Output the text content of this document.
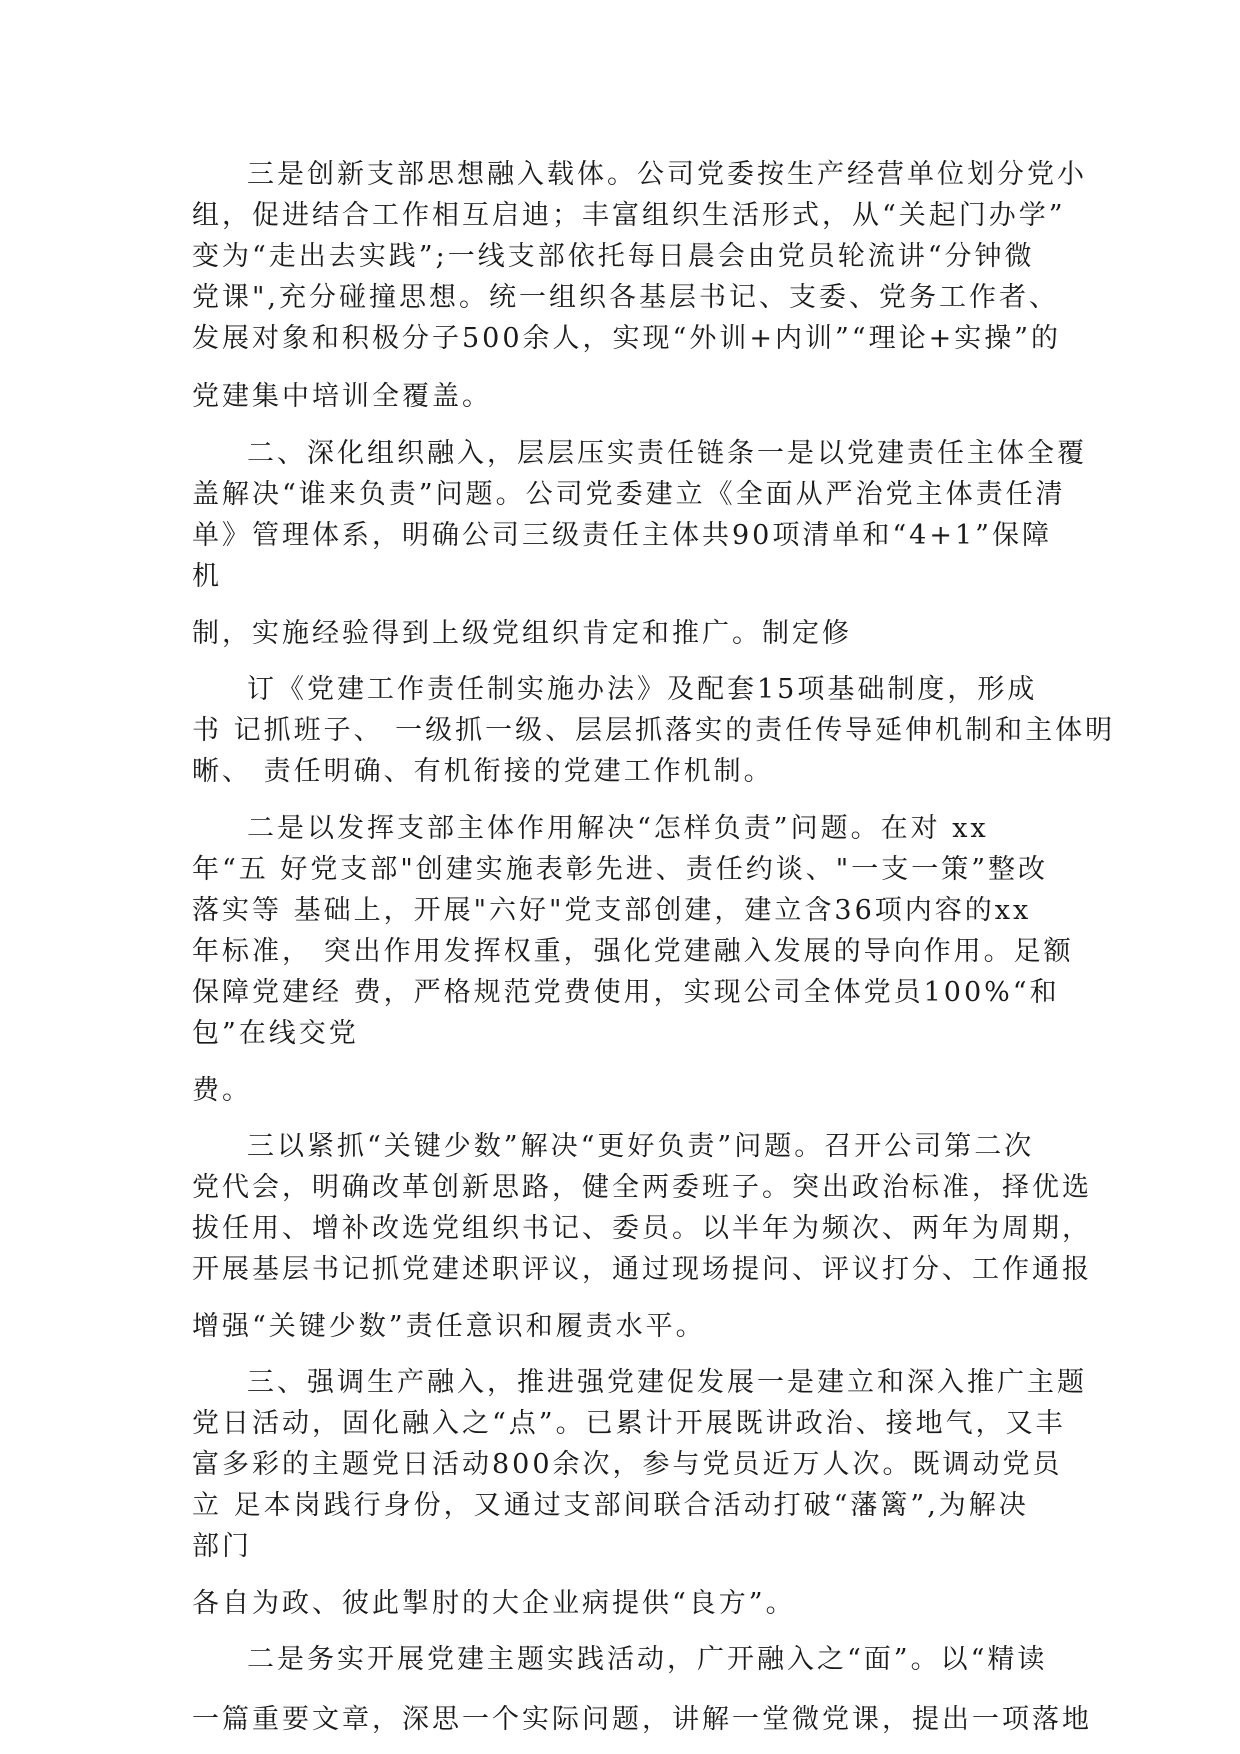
三是创新支部思想融入载体。公司党委按生产经营单位划分党小

组，促进结合工作相互启迪；丰富组织生活形式，从“关起门办学”

变为“走出去实践”;一线支部依托每日晨会由党员轮流讲“分钟微

党课",充分碰撞思想。统一组织各基层书记、支委、党务工作者、

发展对象和积极分子500余人，实现“外训+内训”“理论+实操”的

党建集中培训全覆盖。

二、深化组织融入，层层压实责任链条一是以党建责任主体全覆

盖解决“谁来负责”问题。公司党委建立《全面从严治党主体责任清

单》管理体系，明确公司三级责任主体共90项清单和“4+1”保障

机

制，实施经验得到上级党组织肯定和推广。制定修

订《党建工作责任制实施办法》及配套15项基础制度，形成

书 记抓班子、 一级抓一级、层层抓落实的责任传导延伸机制和主体明

晰、 责任明确、有机衔接的党建工作机制。

二是以发挥支部主体作用解决“怎样负责”问题。在对 xx

年“五 好党支部"创建实施表彰先进、责任约谈、"一支一策”整改

落实等 基础上，开展"六好"党支部创建，建立含36项内容的xx

年标准， 突出作用发挥权重，强化党建融入发展的导向作用。足额

保障党建经 费，严格规范党费使用，实现公司全体党员100%“和

包”在线交党

费。

三以紧抓“关键少数”解决“更好负责”问题。召开公司第二次

党代会，明确改革创新思路，健全两委班子。突出政治标准，择优选

拔任用、增补改选党组织书记、委员。以半年为频次、两年为周期，

开展基层书记抓党建述职评议，通过现场提问、评议打分、工作通报

增强“关键少数”责任意识和履责水平。

三、强调生产融入，推进强党建促发展一是建立和深入推广主题

党日活动，固化融入之“点”。已累计开展既讲政治、接地气，又丰

富多彩的主题党日活动800余次，参与党员近万人次。既调动党员

立 足本岗践行身份，又通过支部间联合活动打破“藩篱”,为解决

部门

各自为政、彼此掣肘的大企业病提供“良方”。

二是务实开展党建主题实践活动，广开融入之“面”。以“精读

一篇重要文章，深思一个实际问题，讲解一堂微党课，提出一项落地
